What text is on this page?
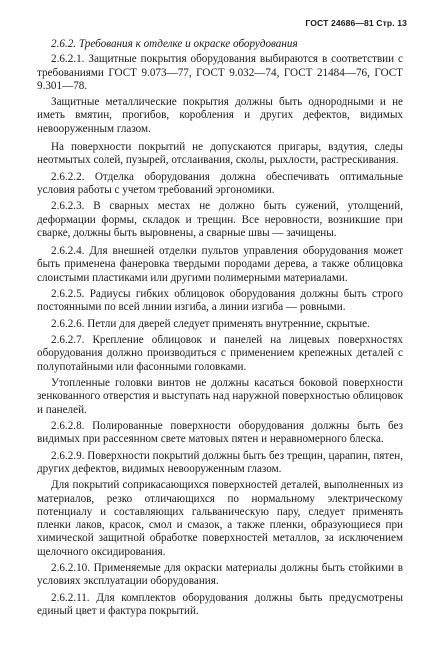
ГОСТ 24686—81 Стр. 13

2.6.2. Требования к отделке и окраске оборудования

2.6.2.1. Защитные покрытия оборудования выбираются в соответствии с требованиями ГОСТ 9.073—77, ГОСТ 9.032—74, ГОСТ 21484—76, ГОСТ 9.301—78.

Защитные металлические покрытия должны быть однородными и не иметь вмятин, прогибов, коробления и других дефектов, видимых невооруженным глазом.

На поверхности покрытий не допускаются пригары, вздутия, следы неотмытых солей, пузырей, отслаивания, сколы, рыхлости, растрескивания.

2.6.2.2. Отделка оборудования должна обеспечивать оптимальные условия работы с учетом требований эргономики.

2.6.2.3. В сварных местах не должно быть сужений, утолщений, деформации формы, складок и трещин. Все неровности, возникшие при сварке, должны быть выровнены, а сварные швы — зачищены.

2.6.2.4. Для внешней отделки пультов управления оборудования может быть применена фанеровка твердыми породами дерева, а также облицовка слоистыми пластиками или другими полимерными материалами.

2.6.2.5. Радиусы гибких облицовок оборудования должны быть строго постоянными по всей линии изгиба, а линии изгиба — ровными.

2.6.2.6. Петли для дверей следует применять внутренние, скрытые.

2.6.2.7. Крепление облицовок и панелей на лицевых поверхностях оборудования должно производиться с применением крепежных деталей с полупотайными или фасонными головками.

Утопленные головки винтов не должны касаться боковой поверхности зенкованного отверстия и выступать над наружной поверхностью облицовок и панелей.

2.6.2.8. Полированные поверхности оборудования должны быть без видимых при рассеянном свете матовых пятен и неравномерного блеска.

2.6.2.9. Поверхности покрытий должны быть без трещин, царапин, пятен, других дефектов, видимых невооруженным глазом.

Для покрытий соприкасающихся поверхностей деталей, выполненных из материалов, резко отличающихся по нормальному электрическому потенциалу и составляющих гальваническую пару, следует применять пленки лаков, красок, смол и смазок, а также пленки, образующиеся при химической защитной обработке поверхностей металлов, за исключением щелочного оксидирования.

2.6.2.10. Применяемые для окраски материалы должны быть стойкими в условиях эксплуатации оборудования.

2.6.2.11. Для комплектов оборудования должны быть предусмотрены единый цвет и фактура покрытий.
